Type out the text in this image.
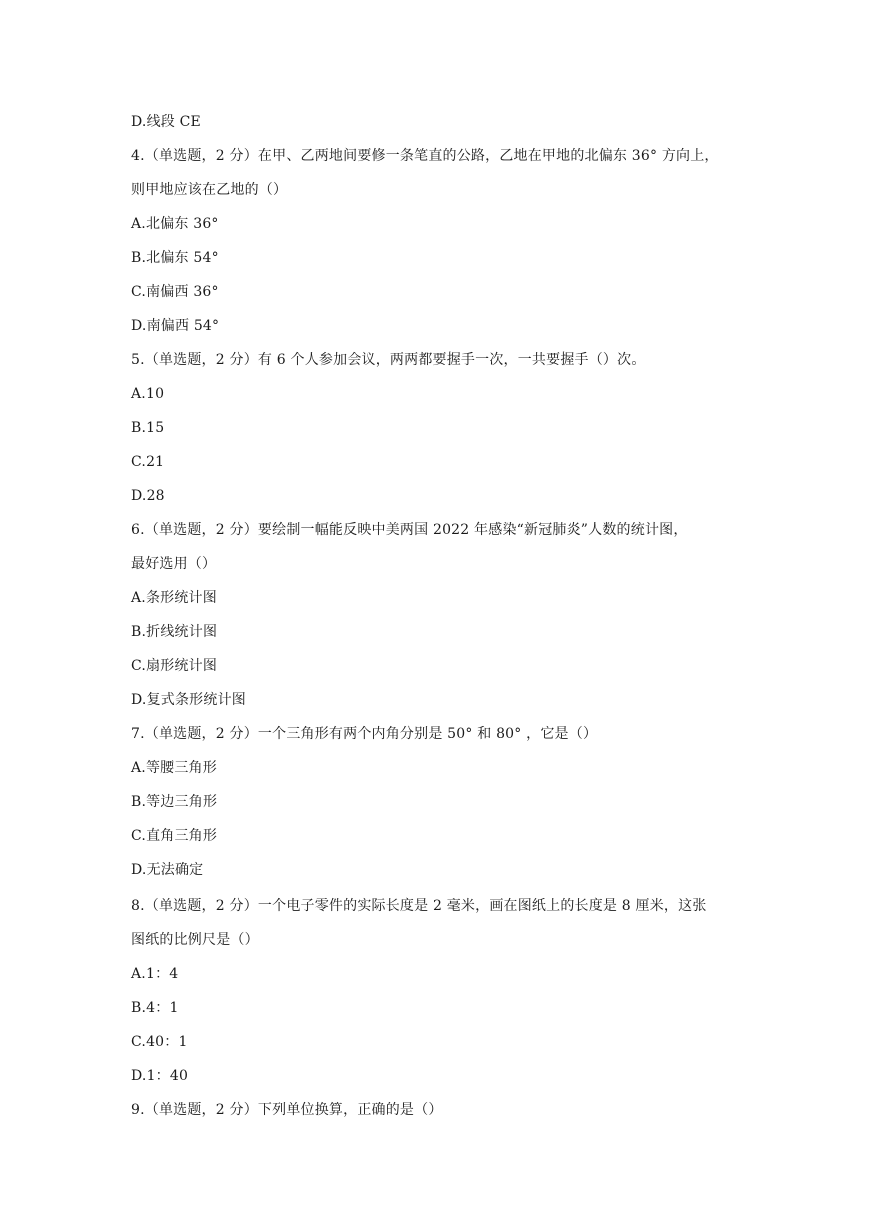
D.线段 CE
4.（单选题，2 分）在甲、乙两地间要修一条笔直的公路，乙地在甲地的北偏东 36° 方向上，
则甲地应该在乙地的（）
A.北偏东 36°
B.北偏东 54°
C.南偏西 36°
D.南偏西 54°
5.（单选题，2 分）有 6 个人参加会议，两两都要握手一次，一共要握手（）次。
A.10
B.15
C.21
D.28
6.（单选题，2 分）要绘制一幅能反映中美两国 2022 年感染“新冠肺炎”人数的统计图，
最好选用（）
A.条形统计图
B.折线统计图
C.扇形统计图
D.复式条形统计图
7.（单选题，2 分）一个三角形有两个内角分别是 50° 和 80° ，它是（）
A.等腰三角形
B.等边三角形
C.直角三角形
D.无法确定
8.（单选题，2 分）一个电子零件的实际长度是 2 毫米，画在图纸上的长度是 8 厘米，这张
图纸的比例尺是（）
A.1：4
B.4：1
C.40：1
D.1：40
9.（单选题，2 分）下列单位换算，正确的是（）
